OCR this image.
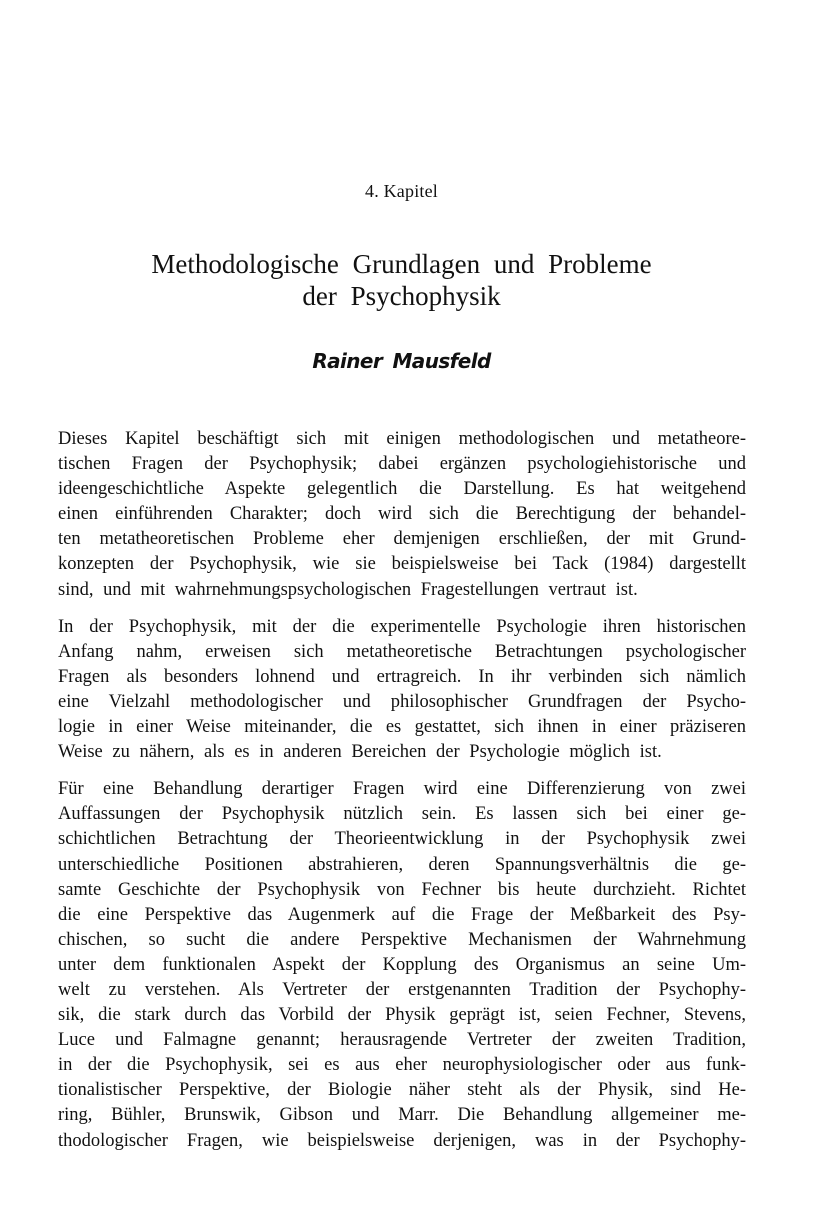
4. Kapitel
Methodologische Grundlagen und Probleme
der Psychophysik
Rainer Mausfeld

Dieses Kapitel beschäftigt sich mit einigen methodologischen und metatheore-
tischen Fragen der Psychophysik; dabei ergänzen psychologiehistorische und
ideengeschichtliche Aspekte gelegentlich die Darstellung. Es hat weitgehend
einen einführenden Charakter; doch wird sich die Berechtigung der behandel-
ten metatheoretischen Probleme eher demjenigen erschließen, der mit Grund-
konzepten der Psychophysik, wie sie beispielsweise bei Tack (1984) dargestellt
sind, und mit wahrnehmungspsychologischen Fragestellungen vertraut ist.

In der Psychophysik, mit der die experimentelle Psychologie ihren historischen
Anfang nahm, erweisen sich metatheoretische Betrachtungen psychologischer
Fragen als besonders lohnend und ertragreich. In ihr verbinden sich nämlich
eine Vielzahl methodologischer und philosophischer Grundfragen der Psycho-
logie in einer Weise miteinander, die es gestattet, sich ihnen in einer präziseren
Weise zu nähern, als es in anderen Bereichen der Psychologie möglich ist.

Für eine Behandlung derartiger Fragen wird eine Differenzierung von zwei
Auffassungen der Psychophysik nützlich sein. Es lassen sich bei einer ge-
schichtlichen Betrachtung der Theorieentwicklung in der Psychophysik zwei
unterschiedliche Positionen abstrahieren, deren Spannungsverhältnis die ge-
samte Geschichte der Psychophysik von Fechner bis heute durchzieht. Richtet
die eine Perspektive das Augenmerk auf die Frage der Meßbarkeit des Psy-
chischen, so sucht die andere Perspektive Mechanismen der Wahrnehmung
unter dem funktionalen Aspekt der Kopplung des Organismus an seine Um-
welt zu verstehen. Als Vertreter der erstgenannten Tradition der Psychophy-
sik, die stark durch das Vorbild der Physik geprägt ist, seien Fechner, Stevens,
Luce und Falmagne genannt; herausragende Vertreter der zweiten Tradition,
in der die Psychophysik, sei es aus eher neurophysiologischer oder aus funk-
tionalistischer Perspektive, der Biologie näher steht als der Physik, sind He-
ring, Bühler, Brunswik, Gibson und Marr. Die Behandlung allgemeiner me-
thodologischer Fragen, wie beispielsweise derjenigen, was in der Psychophy-
